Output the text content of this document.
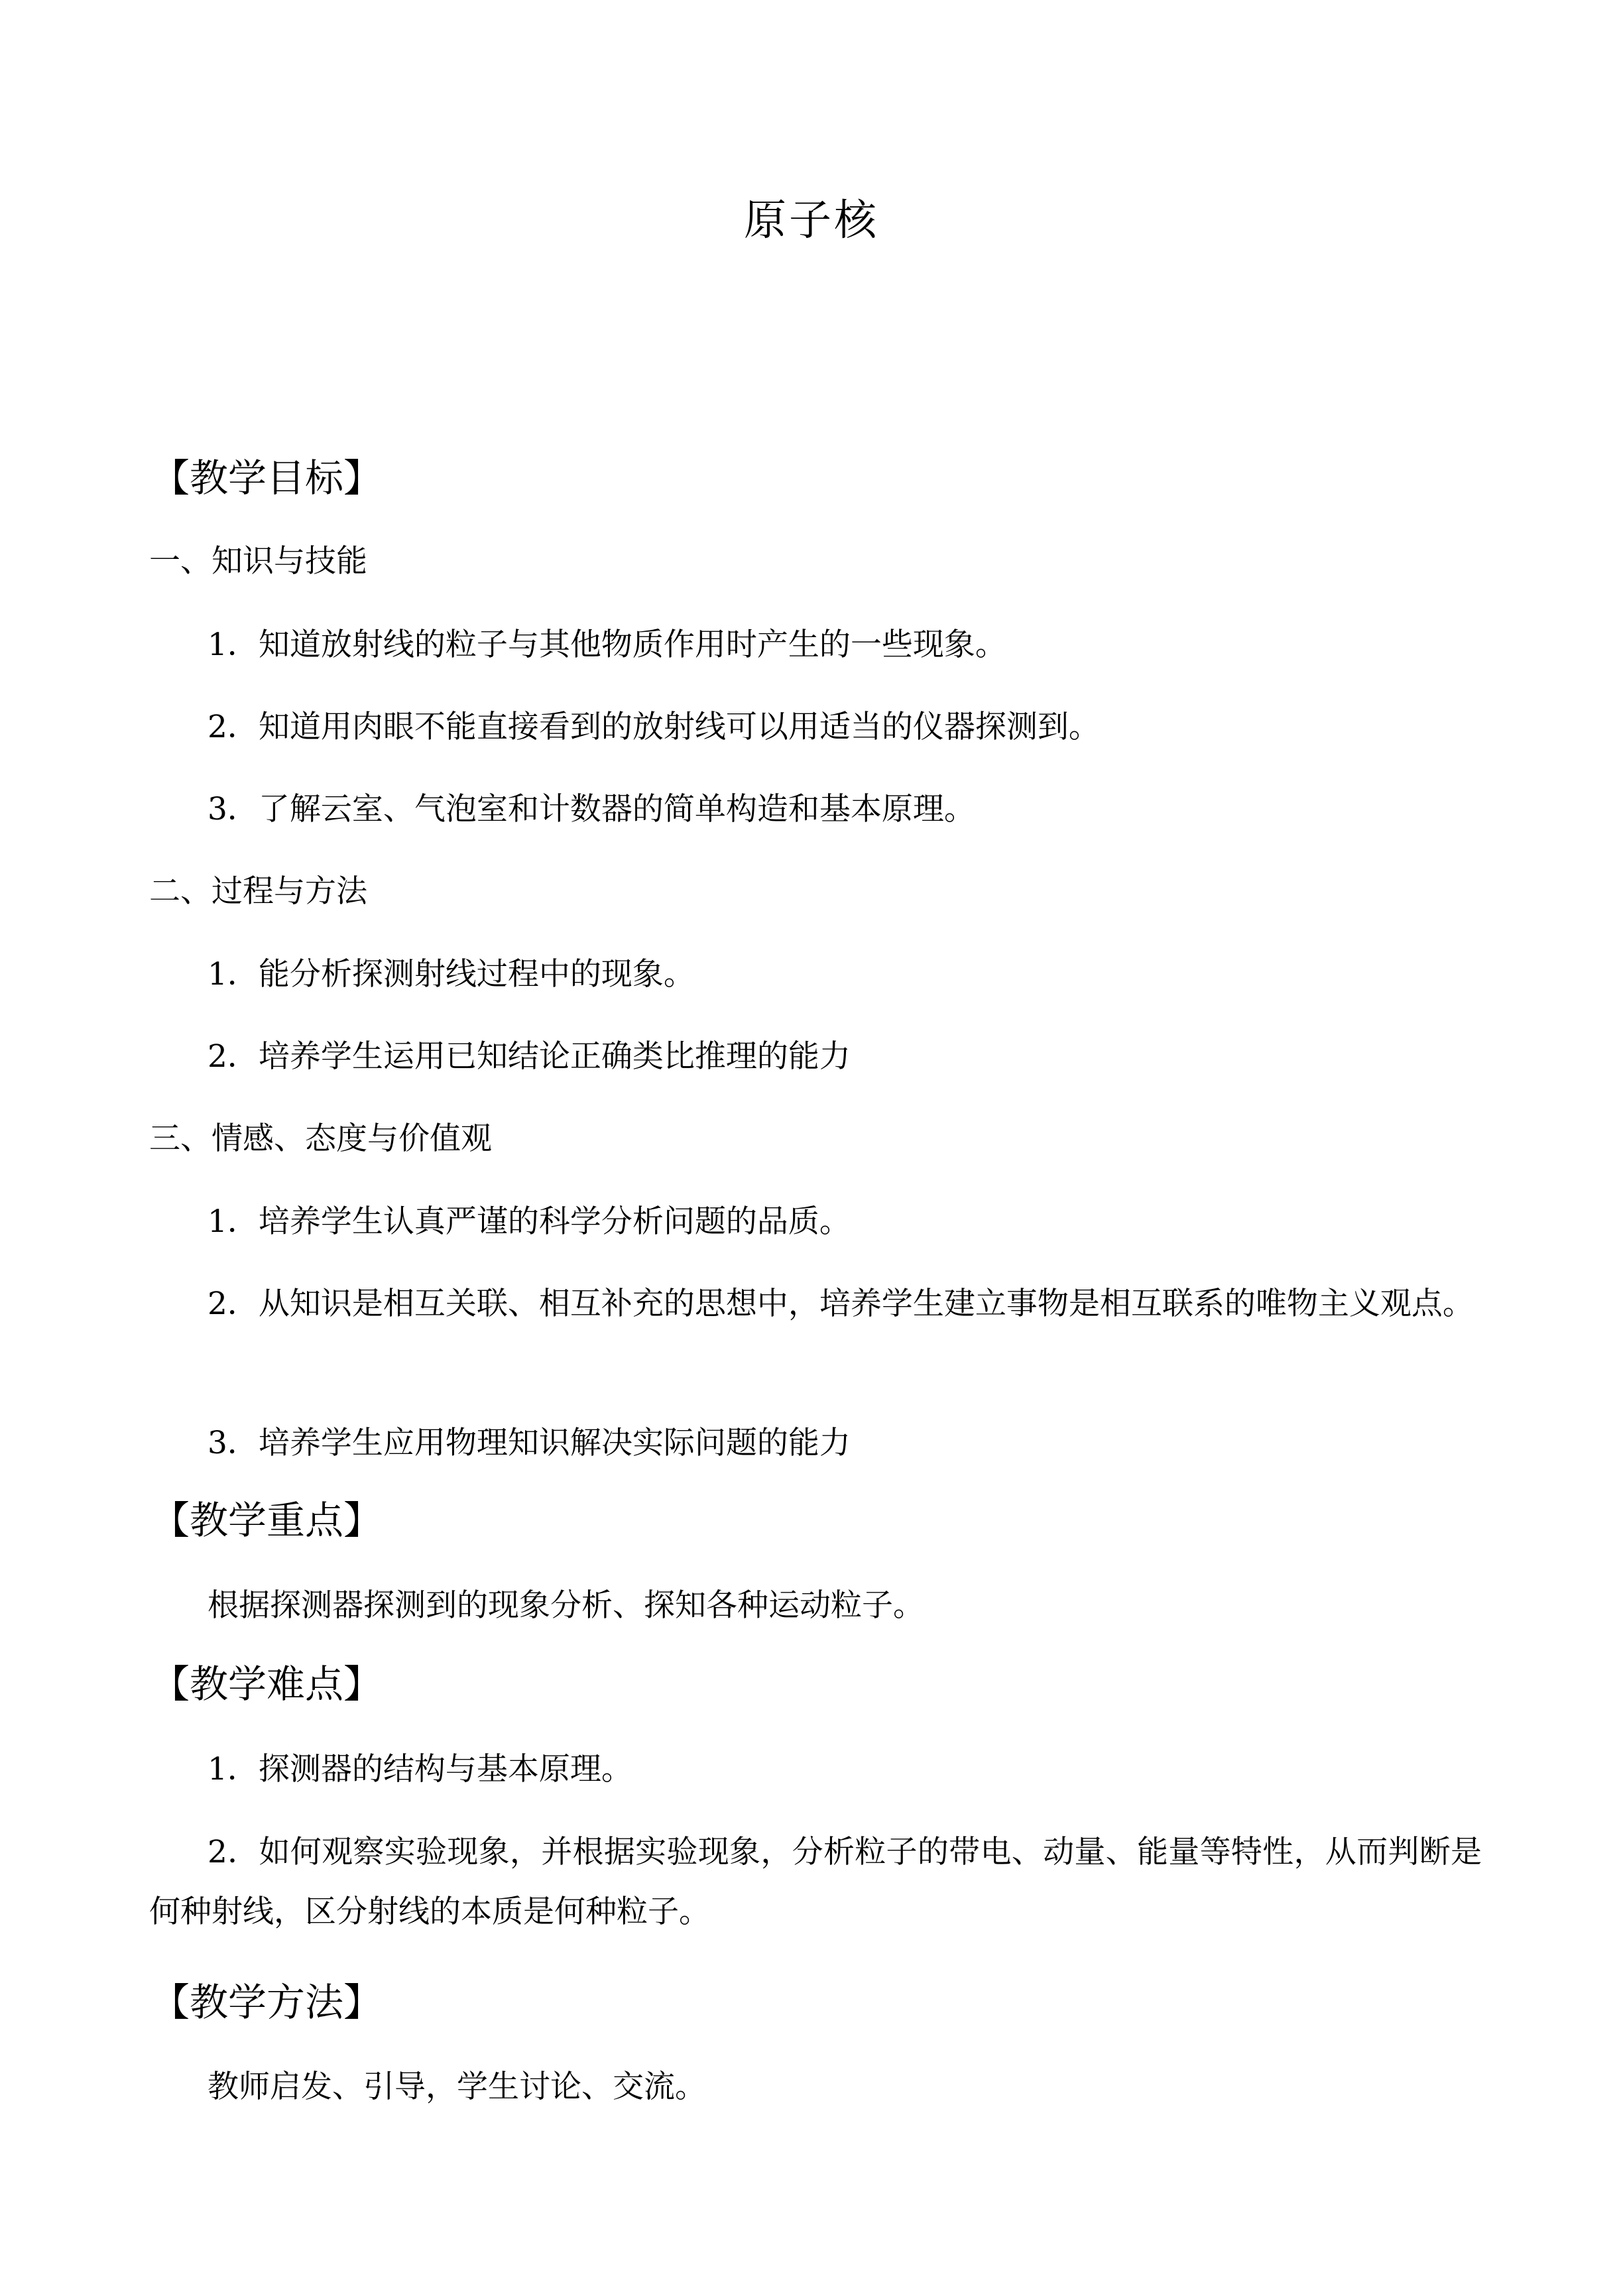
原子核
【教学目标】
一、知识与技能
1．知道放射线的粒子与其他物质作用时产生的一些现象。
2．知道用肉眼不能直接看到的放射线可以用适当的仪器探测到。
3．了解云室、气泡室和计数器的简单构造和基本原理。
二、过程与方法
1．能分析探测射线过程中的现象。
2．培养学生运用已知结论正确类比推理的能力
三、情感、态度与价值观
1．培养学生认真严谨的科学分析问题的品质。
2．从知识是相互关联、相互补充的思想中，培养学生建立事物是相互联系的唯物主义观点。
3．培养学生应用物理知识解决实际问题的能力
【教学重点】
根据探测器探测到的现象分析、探知各种运动粒子。
【教学难点】
1．探测器的结构与基本原理。
2．如何观察实验现象，并根据实验现象，分析粒子的带电、动量、能量等特性，从而判断是何种射线，区分射线的本质是何种粒子。
【教学方法】
教师启发、引导，学生讨论、交流。
